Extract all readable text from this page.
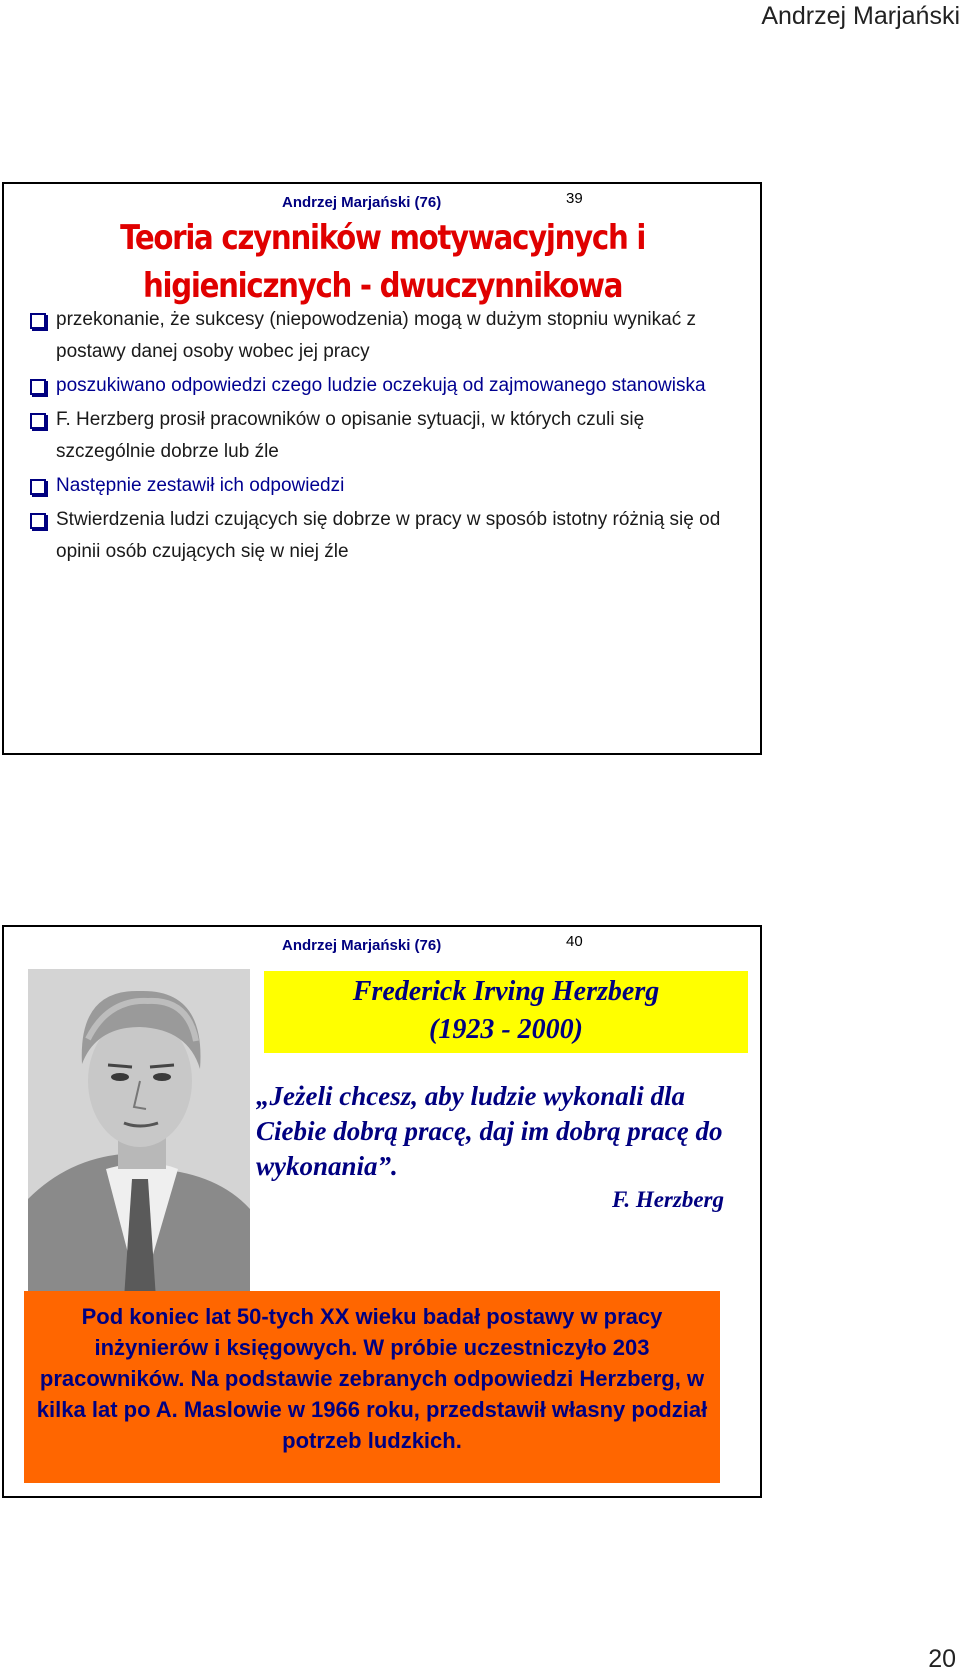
Andrzej Marjański
Andrzej Marjański (76)	39
Teoria czynników motywacyjnych i
higienicznych - dwuczynnikowa
przekonanie, że sukcesy (niepowodzenia) mogą w dużym stopniu wynikać z postawy danej osoby wobec jej pracy
poszukiwano odpowiedzi czego ludzie oczekują od zajmowanego stanowiska
F. Herzberg prosił pracowników o opisanie sytuacji, w których czuli się szczególnie dobrze lub źle
Następnie zestawił ich odpowiedzi
Stwierdzenia ludzi czujących się dobrze w pracy w sposób istotny różnią się od opinii osób czujących się w niej źle
Andrzej Marjański (76)	40
Frederick Irving Herzberg
(1923 - 2000)
„Jeżeli chcesz, aby ludzie wykonali dla Ciebie dobrą pracę, daj im dobrą pracę do wykonania”.
F. Herzberg
Pod koniec lat 50-tych XX wieku badał postawy w pracy inżynierów i księgowych. W próbie uczestniczyło 203 pracowników. Na podstawie zebranych odpowiedzi Herzberg, w kilka lat po A. Maslowie w 1966 roku, przedstawił własny podział potrzeb ludzkich.
20
